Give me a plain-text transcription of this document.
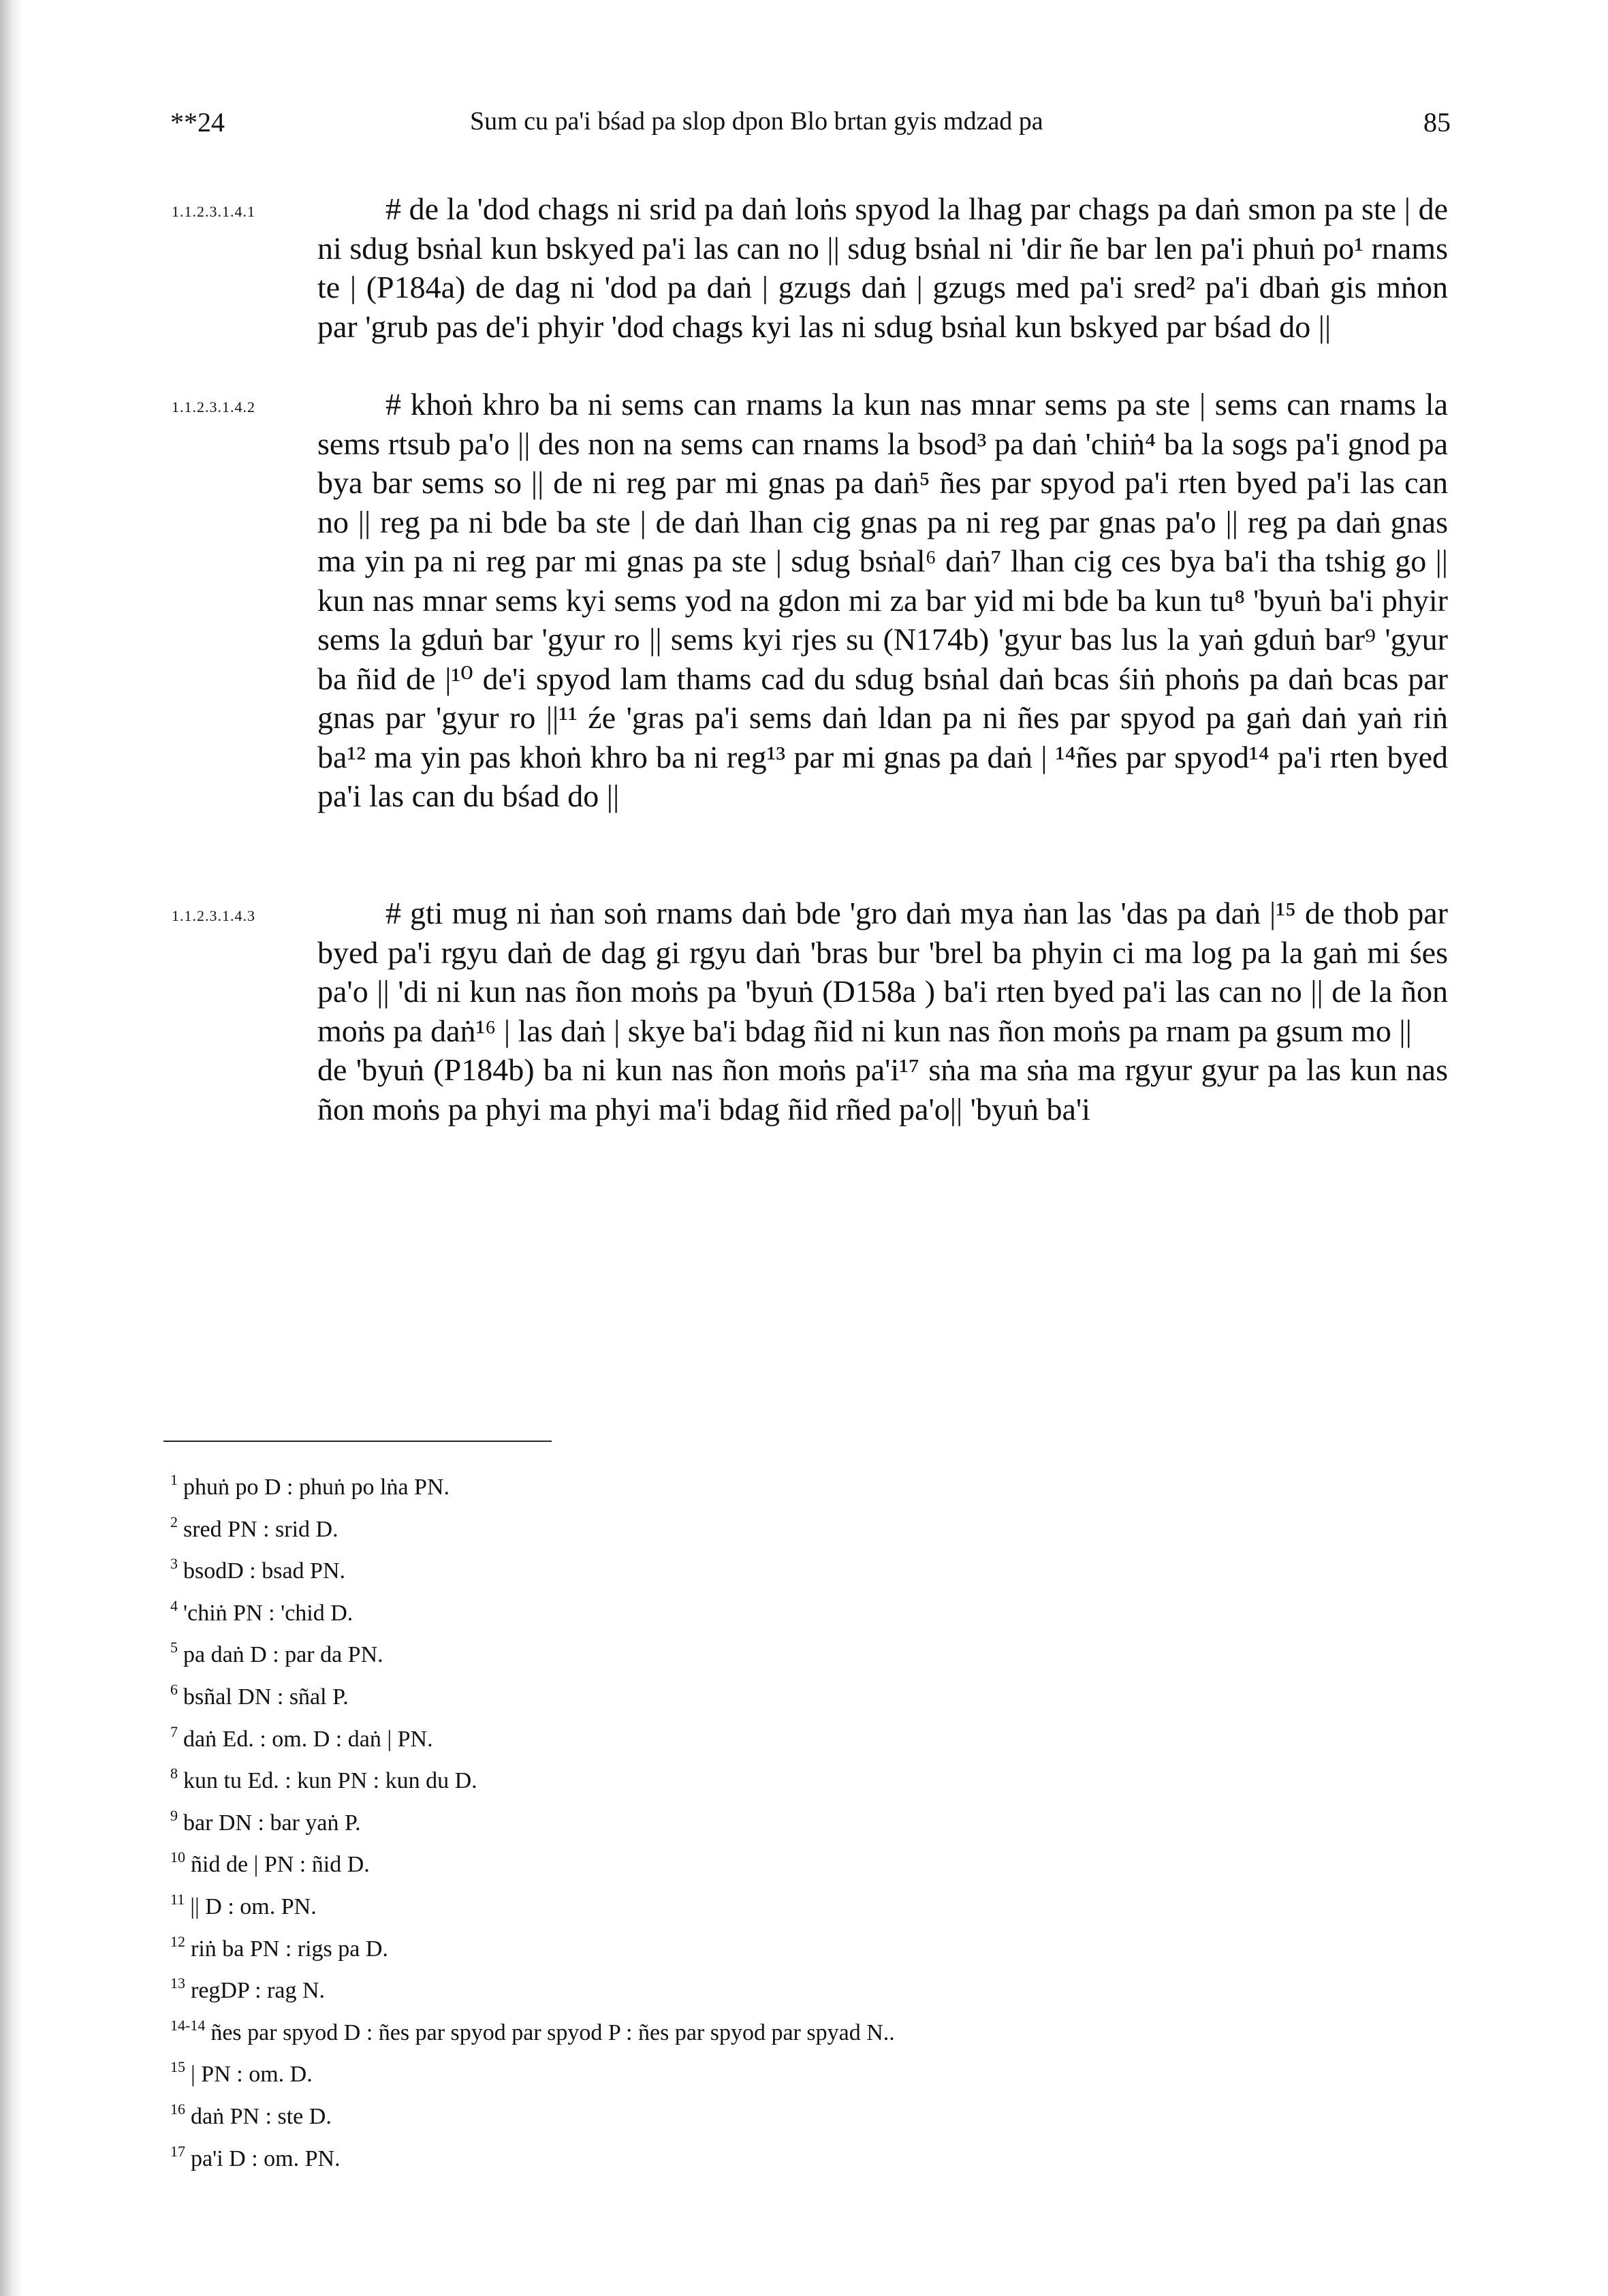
**24	Sum cu pa'i bśad pa slop dpon Blo brtan gyis mdzad pa	85
1.1.2.3.1.4.1	# de la 'dod chags ni srid pa daṅ loṅs spyod la lhag par chags pa daṅ smon pa ste | de ni sdug bsṅal kun bskyed pa'i las can no || sdug bsṅal ni 'dir ñe bar len pa'i phuṅ po¹ rnams te | (P184a) de dag ni 'dod pa daṅ | gzugs daṅ | gzugs med pa'i sred² pa'i dbaṅ gis mṅon par 'grub pas de'i phyir 'dod chags kyi las ni sdug bsṅal kun bskyed par bśad do ||
1.1.2.3.1.4.2	# khoṅ khro ba ni sems can rnams la kun nas mnar sems pa ste | sems can rnams la sems rtsub pa'o || des non na sems can rnams la bsod³ pa daṅ 'chiṅ⁴ ba la sogs pa'i gnod pa bya bar sems so || de ni reg par mi gnas pa daṅ⁵ ñes par spyod pa'i rten byed pa'i las can no || reg pa ni bde ba ste | de daṅ lhan cig gnas pa ni reg par gnas pa'o || reg pa daṅ gnas ma yin pa ni reg par mi gnas pa ste | sdug bsṅal⁶ daṅ⁷ lhan cig ces bya ba'i tha tshig go || kun nas mnar sems kyi sems yod na gdon mi za bar yid mi bde ba kun tu⁸ 'byuṅ ba'i phyir sems la gduṅ bar 'gyur ro || sems kyi rjes su (N174b) 'gyur bas lus la yaṅ gduṅ bar⁹ 'gyur ba ñid de |¹⁰ de'i spyod lam thams cad du sdug bsṅal daṅ bcas śiṅ phoṅs pa daṅ bcas par gnas par 'gyur ro ||¹¹ źe 'gras pa'i sems daṅ ldan pa ni ñes par spyod pa gaṅ daṅ yaṅ riṅ ba¹² ma yin pas khoṅ khro ba ni reg¹³ par mi gnas pa daṅ | ¹⁴ñes par spyod¹⁴ pa'i rten byed pa'i las can du bśad do ||
1.1.2.3.1.4.3	# gti mug ni ṅan soṅ rnams daṅ bde 'gro daṅ mya ṅan las 'das pa daṅ |¹⁵ de thob par byed pa'i rgyu daṅ de dag gi rgyu daṅ 'bras bur 'brel ba phyin ci ma log pa la gaṅ mi śes pa'o || 'di ni kun nas ñon moṅs pa 'byuṅ (D158a ) ba'i rten byed pa'i las can no || de la ñon moṅs pa daṅ¹⁶ | las daṅ | skye ba'i bdag ñid ni kun nas ñon moṅs pa rnam pa gsum mo ||
de 'byuṅ (P184b) ba ni kun nas ñon moṅs pa'i¹⁷ sṅa ma sṅa ma rgyur gyur pa las kun nas ñon moṅs pa phyi ma phyi ma'i bdag ñid rñed pa'o|| 'byuṅ ba'i
$^1$ phuṅ po D : phuṅ po lṅa PN.
$^2$ sred PN : srid D.
$^3$ bsodD : bsad PN.
$^4$ 'chiṅ PN : 'chid D.
$^5$ pa daṅ D : par da PN.
$^6$ bsñal DN : sñal P.
$^7$ daṅ Ed. : om. D : daṅ | PN.
$^8$ kun tu Ed. : kun PN : kun du D.
$^9$ bar DN : bar yaṅ P.
$^{10}$ ñid de | PN : ñid D.
$^{11}$ || D : om. PN.
$^{12}$ riṅ ba PN : rigs pa D.
$^{13}$ regDP : rag N.
$^{14-14}$ ñes par spyod D : ñes par spyod par spyod P : ñes par spyod par spyad N..
$^{15}$ | PN : om. D.
$^{16}$ daṅ PN : ste D.
$^{17}$ pa'i D : om. PN.
